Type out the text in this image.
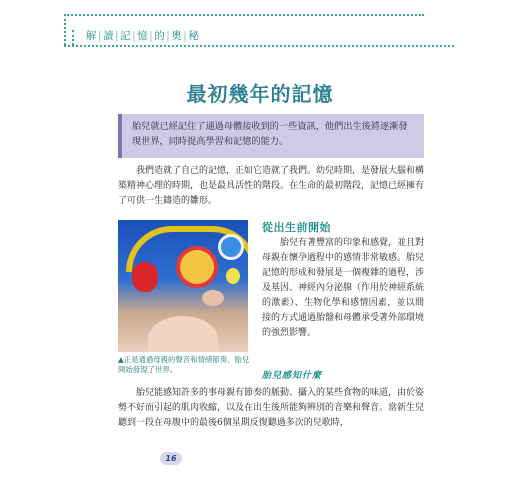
解|讀|記|憶|的|奧|秘
最初幾年的記憶
胎兒就已經記住了通過母體接收到的一些資訊，他們出生後將逐漸發現世界，同時提高學習和記憶的能力。
我們造就了自己的記憶，正如它造就了我們。幼兒時期，是發展大腦和構築精神心理的時期，也是最具活性的階段。在生命的最初階段，記憶已經擁有了可供一生鑄造的雛形。
▲正是通過母親的聲音和情緒節奏，胎兒開始發現了世界。
從出生前開始
胎兒有著豐富的印象和感覺，並且對母親在懷孕過程中的感情非常敏感。胎兒記憶的形成和發展是一個複雜的過程，涉及基因、神經內分泌腺（作用於神經系統的激素）、生物化學和感情因素，並以間接的方式通過胎盤和母體承受著外部環境的強烈影響。
胎兒感知什麼
胎兒能感知許多的事母親有節奏的脈動、攝入的某些食物的味道，由於姿勢不好而引起的肌肉收縮，以及在出生後所能夠辨別的音樂和聲音。當新生兒聽到一段在母腹中的最後6個星期反復聽過多次的兒歌時，
16
